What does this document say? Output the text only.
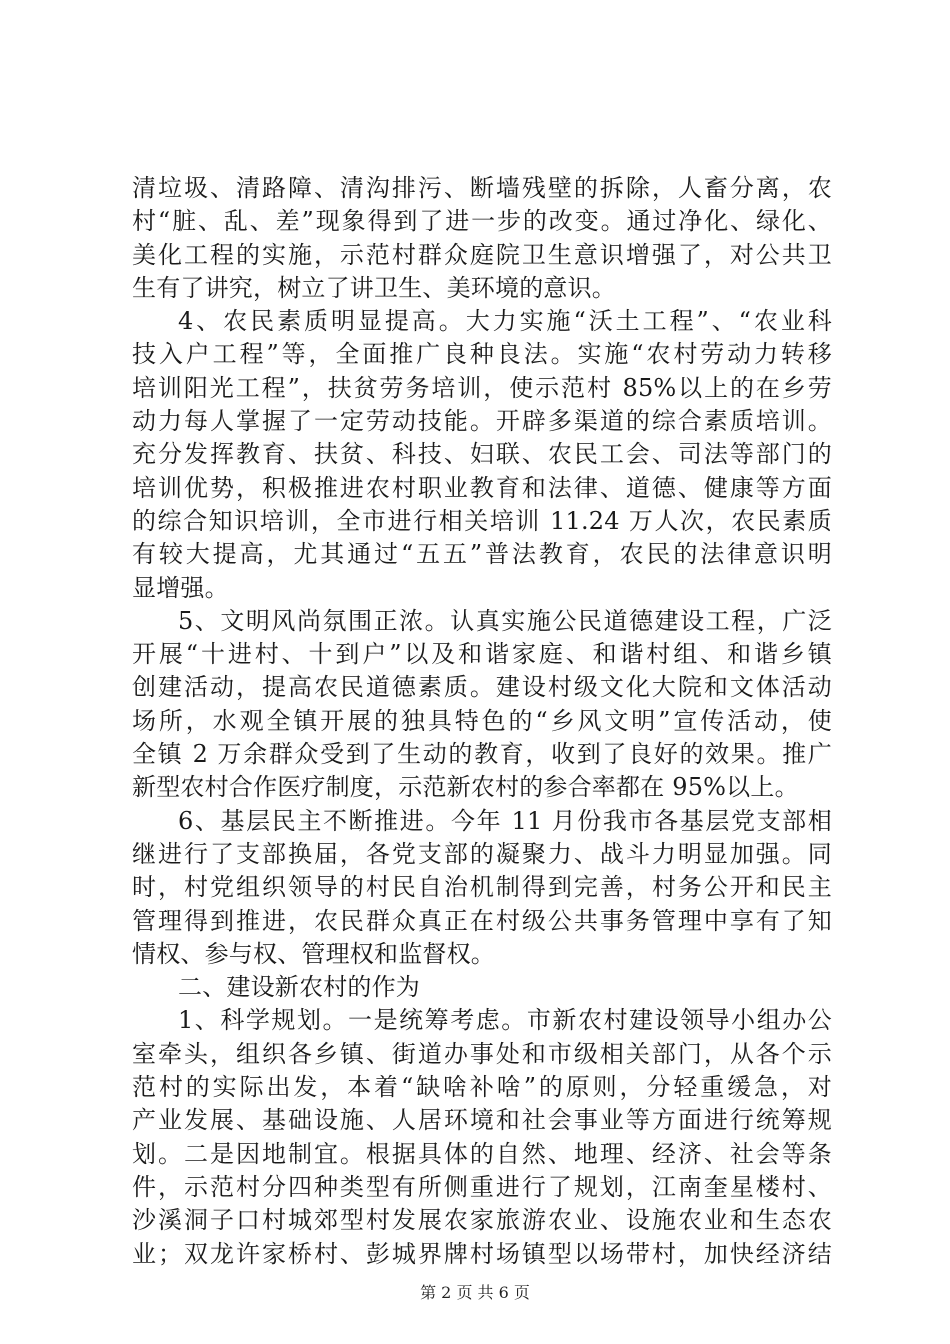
清垃圾、清路障、清沟排污、断墙残壁的拆除，人畜分离，农
村“脏、乱、差”现象得到了进一步的改变。通过净化、绿化、
美化工程的实施，示范村群众庭院卫生意识增强了，对公共卫
生有了讲究，树立了讲卫生、美环境的意识。
4、农民素质明显提高。大力实施“沃土工程”、“农业科
技入户工程”等，全面推广良种良法。实施“农村劳动力转移
培训阳光工程”，扶贫劳务培训，使示范村 85%以上的在乡劳
动力每人掌握了一定劳动技能。开辟多渠道的综合素质培训。
充分发挥教育、扶贫、科技、妇联、农民工会、司法等部门的
培训优势，积极推进农村职业教育和法律、道德、健康等方面
的综合知识培训，全市进行相关培训 11.24 万人次，农民素质
有较大提高，尤其通过“五五”普法教育，农民的法律意识明
显增强。
5、文明风尚氛围正浓。认真实施公民道德建设工程，广泛
开展“十进村、十到户”以及和谐家庭、和谐村组、和谐乡镇
创建活动，提高农民道德素质。建设村级文化大院和文体活动
场所，水观全镇开展的独具特色的“乡风文明”宣传活动，使
全镇 2 万余群众受到了生动的教育，收到了良好的效果。推广
新型农村合作医疗制度，示范新农村的参合率都在 95%以上。
6、基层民主不断推进。今年 11 月份我市各基层党支部相
继进行了支部换届，各党支部的凝聚力、战斗力明显加强。同
时，村党组织领导的村民自治机制得到完善，村务公开和民主
管理得到推进，农民群众真正在村级公共事务管理中享有了知
情权、参与权、管理权和监督权。
二、建设新农村的作为
1、科学规划。一是统筹考虑。市新农村建设领导小组办公
室牵头，组织各乡镇、街道办事处和市级相关部门，从各个示
范村的实际出发，本着“缺啥补啥”的原则，分轻重缓急，对
产业发展、基础设施、人居环境和社会事业等方面进行统筹规
划。二是因地制宜。根据具体的自然、地理、经济、社会等条
件，示范村分四种类型有所侧重进行了规划，江南奎星楼村、
沙溪洞子口村城郊型村发展农家旅游农业、设施农业和生态农
业；双龙许家桥村、彭城界牌村场镇型以场带村，加快经济结
第 2 页 共 6 页
